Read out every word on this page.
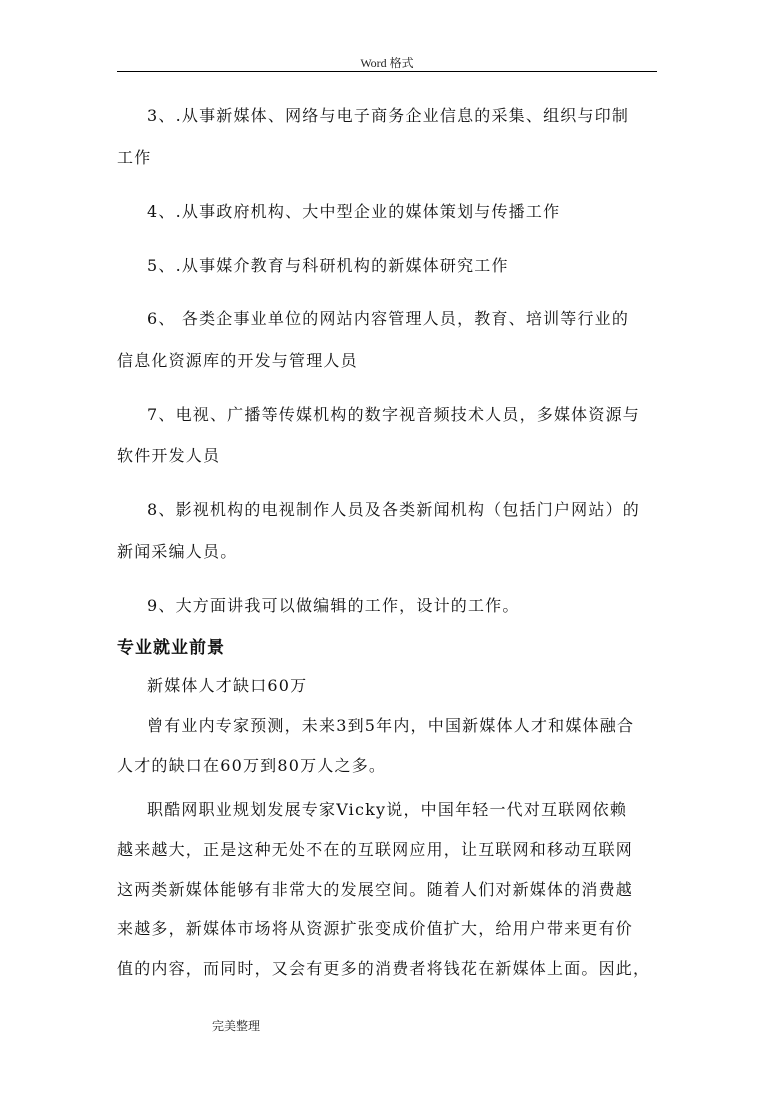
Word 格式
3、.从事新媒体、网络与电子商务企业信息的采集、组织与印制
工作
4、.从事政府机构、大中型企业的媒体策划与传播工作
5、.从事媒介教育与科研机构的新媒体研究工作
6、 各类企事业单位的网站内容管理人员，教育、培训等行业的
信息化资源库的开发与管理人员
7、电视、广播等传媒机构的数字视音频技术人员，多媒体资源与
软件开发人员
8、影视机构的电视制作人员及各类新闻机构（包括门户网站）的
新闻采编人员。
9、大方面讲我可以做编辑的工作，设计的工作。
专业就业前景
新媒体人才缺口60万
曾有业内专家预测，未来3到5年内，中国新媒体人才和媒体融合
人才的缺口在60万到80万人之多。
职酷网职业规划发展专家Vicky说，中国年轻一代对互联网依赖
越来越大，正是这种无处不在的互联网应用，让互联网和移动互联网
这两类新媒体能够有非常大的发展空间。随着人们对新媒体的消费越
来越多，新媒体市场将从资源扩张变成价值扩大，给用户带来更有价
值的内容，而同时，又会有更多的消费者将钱花在新媒体上面。因此，
完美整理
